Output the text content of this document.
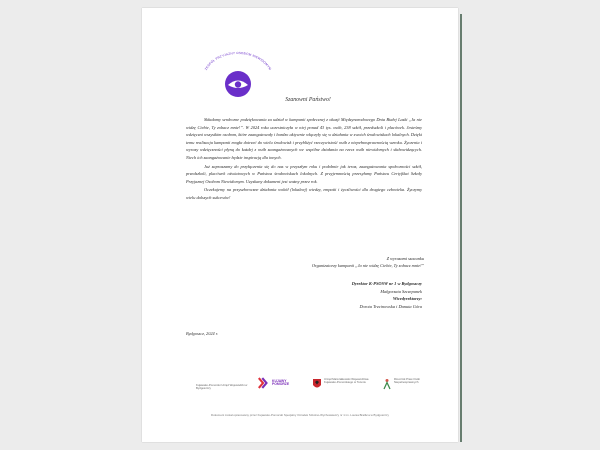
ZESPÓŁ PRZYJAZNY OSOBOM NIEWIDOMYM
Szanowni Państwo!

Składamy serdeczne podziękowania za udział w kampanii społecznej z okazji Międzynarodowego Dnia Białej Laski „Ja nie widzę Ciebie, Ty zobacz mnie!”. W 2024 roku uczestniczyła w niej ponad 43 tys. osób, 238 szkół, przedszkoli i placówek. Jesteśmy wdzięczni wszystkim osobom, które zaangażowały i bardzo aktywnie włączyły się w działania w swoich środowiskach lokalnych. Dzięki temu realizacja kampanii mogła dotrzeć do wielu środowisk i przybliżyć rzeczywistość osób z niepełnosprawnością wzroku. Życzenia i wyrazy wdzięczności płyną do każdej z osób zaangażowanych we wspólne działania na rzecz osób niewidomych i słabowidzących. Niech ich zaangażowanie będzie inspiracją dla innych.

Już zapraszamy do przyłączenia się do nas w przyszłym roku i podobnie jak teraz, zaangażowania społeczności szkół, przedszkoli, placówek oświatowych w Państwa środowiskach lokalnych. Z przyjemnością przesyłamy Państwu Certyfikat Szkoły Przyjaznej Osobom Niewidomym. Uzyskany dokument jest ważny przez rok.

Oczekujemy na przyszłoroczne działania wokół (lokalnej) wiedzy, empatii i życzliwości dla drugiego człowieka. Życzymy wielu dalszych sukcesów!

Z wyrazami szacunku
Organizatorzy kampanii „Ja nie widzę Ciebie, Ty zobacz mnie!”
Dyrektor K-PSOSW nr 1 w Bydgoszczy
Małgorzata Szczepanek
Wicedyrektorzy:
Dorota Trzcinowska i Danuta Góra
Bydgoszcz, 2024 r.
Kujawsko-Pomorski Urząd Wojewódzki w Bydgoszczy
KUJAWY POMORZE
Urząd Marszałkowski Województwa Kujawsko-Pomorskiego w Toruniu
Rzecznik Praw Osób Niepełnosprawnych
Dokument został opracowany przez Kujawsko-Pomorski Specjalny Ośrodek Szkolno-Wychowawczy nr 1 im. Louisa Braille'a w Bydgoszczy
